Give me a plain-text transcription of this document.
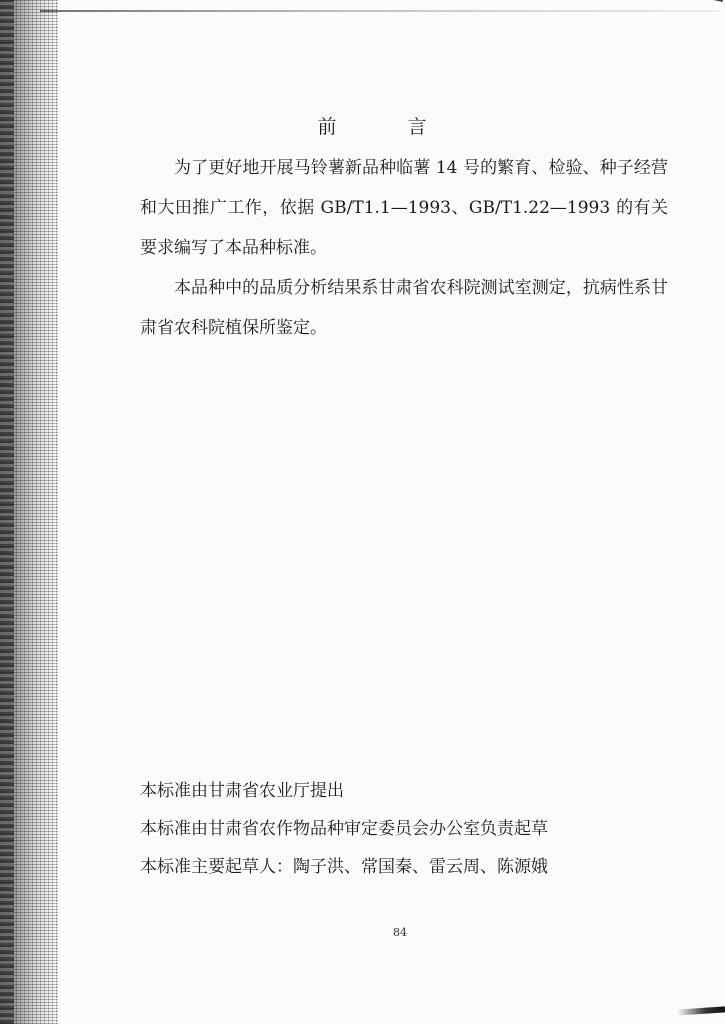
前　言

为了更好地开展马铃薯新品种临薯 14 号的繁育、检验、种子经营和大田推广工作，依据 GB/T1.1—1993、GB/T1.22—1993 的有关要求编写了本品种标准。

本品种中的品质分析结果系甘肃省农科院测试室测定，抗病性系甘肃省农科院植保所鉴定。

本标准由甘肃省农业厅提出
本标准由甘肃省农作物品种审定委员会办公室负责起草
本标准主要起草人：陶子洪、常国秦、雷云周、陈源娥
84
